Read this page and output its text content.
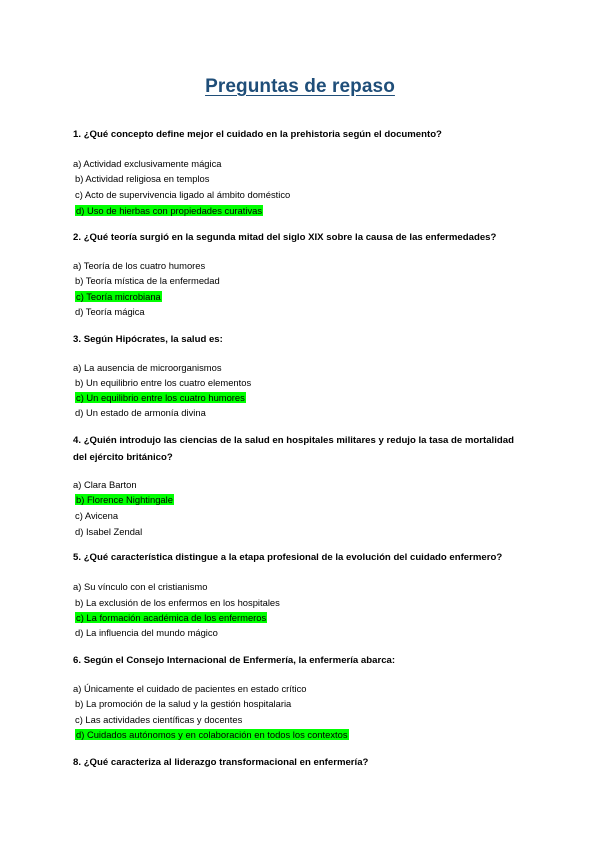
Preguntas de repaso
1. ¿Qué concepto define mejor el cuidado en la prehistoria según el documento?
a) Actividad exclusivamente mágica
b) Actividad religiosa en templos
c) Acto de supervivencia ligado al ámbito doméstico
d) Uso de hierbas con propiedades curativas
2. ¿Qué teoría surgió en la segunda mitad del siglo XIX sobre la causa de las enfermedades?
a) Teoría de los cuatro humores
b) Teoría mística de la enfermedad
c) Teoría microbiana
d) Teoría mágica
3. Según Hipócrates, la salud es:
a) La ausencia de microorganismos
b) Un equilibrio entre los cuatro elementos
c) Un equilibrio entre los cuatro humores
d) Un estado de armonía divina
4. ¿Quién introdujo las ciencias de la salud en hospitales militares y redujo la tasa de mortalidad del ejército británico?
a) Clara Barton
b) Florence Nightingale
c) Avicena
d) Isabel Zendal
5. ¿Qué característica distingue a la etapa profesional de la evolución del cuidado enfermero?
a) Su vínculo con el cristianismo
b) La exclusión de los enfermos en los hospitales
c) La formación académica de los enfermeros
d) La influencia del mundo mágico
6. Según el Consejo Internacional de Enfermería, la enfermería abarca:
a) Únicamente el cuidado de pacientes en estado crítico
b) La promoción de la salud y la gestión hospitalaria
c) Las actividades científicas y docentes
d) Cuidados autónomos y en colaboración en todos los contextos
8. ¿Qué caracteriza al liderazgo transformacional en enfermería?
